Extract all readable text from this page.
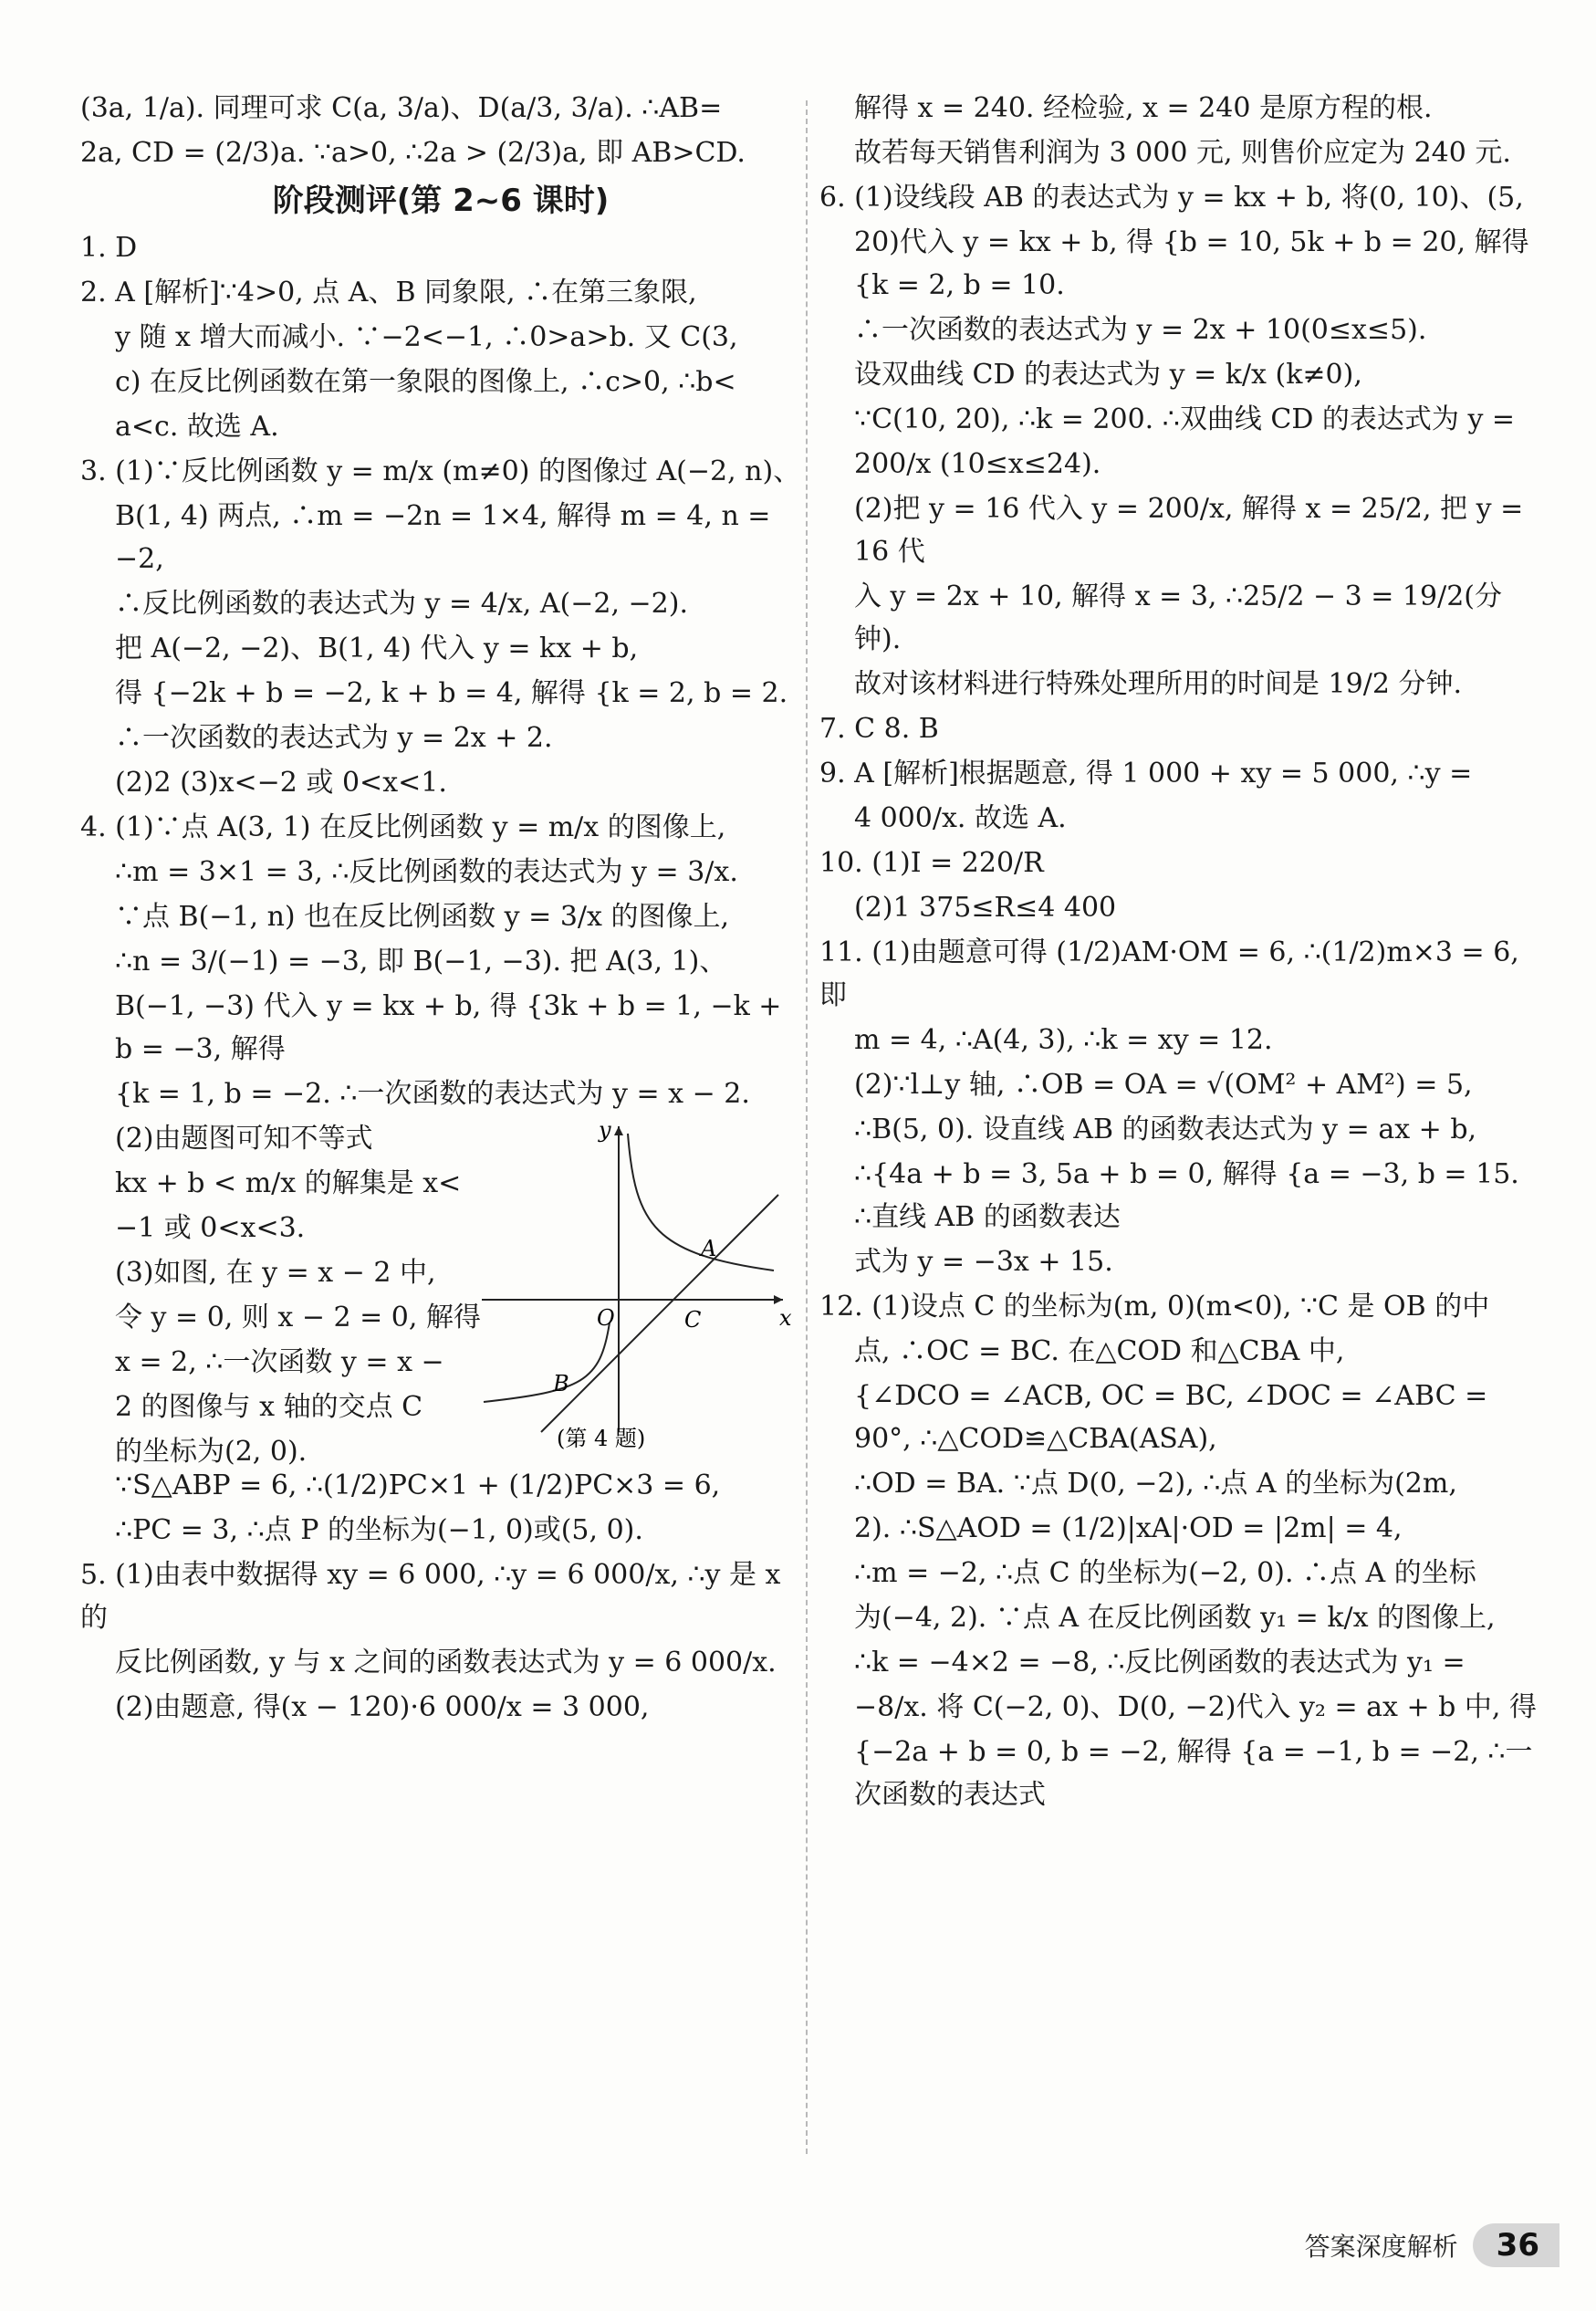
(3a, 1/a). 同理可求 C(a, 3/a)、D(a/3, 3/a). ∴AB=

2a, CD = (2/3)a. ∵a>0, ∴2a > (2/3)a, 即 AB>CD.

阶段测评(第 2~6 课时)

1. D

2. A [解析]∵4>0, 点 A、B 同象限, ∴在第三象限,

y 随 x 增大而减小. ∵−2<−1, ∴0>a>b. 又 C(3,

c) 在反比例函数在第一象限的图像上, ∴c>0, ∴b<

a<c. 故选 A.

3. (1)∵反比例函数 y = m/x (m≠0) 的图像过 A(−2, n)、

B(1, 4) 两点, ∴m = −2n = 1×4, 解得 m = 4, n = −2,

∴反比例函数的表达式为 y = 4/x, A(−2, −2).

把 A(−2, −2)、B(1, 4) 代入 y = kx + b,

得 {−2k + b = −2, k + b = 4, 解得 {k = 2, b = 2.

∴一次函数的表达式为 y = 2x + 2.

(2)2 (3)x<−2 或 0<x<1.

4. (1)∵点 A(3, 1) 在反比例函数 y = m/x 的图像上,

∴m = 3×1 = 3, ∴反比例函数的表达式为 y = 3/x.

∵点 B(−1, n) 也在反比例函数 y = 3/x 的图像上,

∴n = 3/(−1) = −3, 即 B(−1, −3). 把 A(3, 1)、

B(−1, −3) 代入 y = kx + b, 得 {3k + b = 1, −k + b = −3, 解得

{k = 1, b = −2. ∴一次函数的表达式为 y = x − 2.

(2)由题图可知不等式

kx + b < m/x 的解集是 x<

−1 或 0<x<3.

(3)如图, 在 y = x − 2 中,

令 y = 0, 则 x − 2 = 0, 解得

x = 2, ∴一次函数 y = x −

2 的图像与 x 轴的交点 C

的坐标为(2, 0).

y
x
O
A
B
C
(第 4 题)

∵S△ABP = 6, ∴(1/2)PC×1 + (1/2)PC×3 = 6,

∴PC = 3, ∴点 P 的坐标为(−1, 0)或(5, 0).

5. (1)由表中数据得 xy = 6 000, ∴y = 6 000/x, ∴y 是 x 的

反比例函数, y 与 x 之间的函数表达式为 y = 6 000/x.

(2)由题意, 得(x − 120)·6 000/x = 3 000,

解得 x = 240. 经检验, x = 240 是原方程的根.

故若每天销售利润为 3 000 元, 则售价应定为 240 元.

6. (1)设线段 AB 的表达式为 y = kx + b, 将(0, 10)、(5,

20)代入 y = kx + b, 得 {b = 10, 5k + b = 20, 解得 {k = 2, b = 10.

∴一次函数的表达式为 y = 2x + 10(0≤x≤5).

设双曲线 CD 的表达式为 y = k/x (k≠0),

∵C(10, 20), ∴k = 200. ∴双曲线 CD 的表达式为 y =

200/x (10≤x≤24).

(2)把 y = 16 代入 y = 200/x, 解得 x = 25/2, 把 y = 16 代

入 y = 2x + 10, 解得 x = 3, ∴25/2 − 3 = 19/2(分钟).

故对该材料进行特殊处理所用的时间是 19/2 分钟.

7. C 8. B

9. A [解析]根据题意, 得 1 000 + xy = 5 000, ∴y =

4 000/x. 故选 A.

10. (1)I = 220/R

(2)1 375≤R≤4 400

11. (1)由题意可得 (1/2)AM·OM = 6, ∴(1/2)m×3 = 6, 即

m = 4, ∴A(4, 3), ∴k = xy = 12.

(2)∵l⊥y 轴, ∴OB = OA = √(OM² + AM²) = 5,

∴B(5, 0). 设直线 AB 的函数表达式为 y = ax + b,

∴{4a + b = 3, 5a + b = 0, 解得 {a = −3, b = 15. ∴直线 AB 的函数表达

式为 y = −3x + 15.

12. (1)设点 C 的坐标为(m, 0)(m<0), ∵C 是 OB 的中

点, ∴OC = BC. 在△COD 和△CBA 中,

{∠DCO = ∠ACB, OC = BC, ∠DOC = ∠ABC = 90°, ∴△COD≌△CBA(ASA),

∴OD = BA. ∵点 D(0, −2), ∴点 A 的坐标为(2m,

2). ∴S△AOD = (1/2)|xA|·OD = |2m| = 4,

∴m = −2, ∴点 C 的坐标为(−2, 0). ∴点 A 的坐标

为(−4, 2). ∵点 A 在反比例函数 y₁ = k/x 的图像上,

∴k = −4×2 = −8, ∴反比例函数的表达式为 y₁ =

−8/x. 将 C(−2, 0)、D(0, −2)代入 y₂ = ax + b 中, 得

{−2a + b = 0, b = −2, 解得 {a = −1, b = −2, ∴一次函数的表达式

答案深度解析	36
